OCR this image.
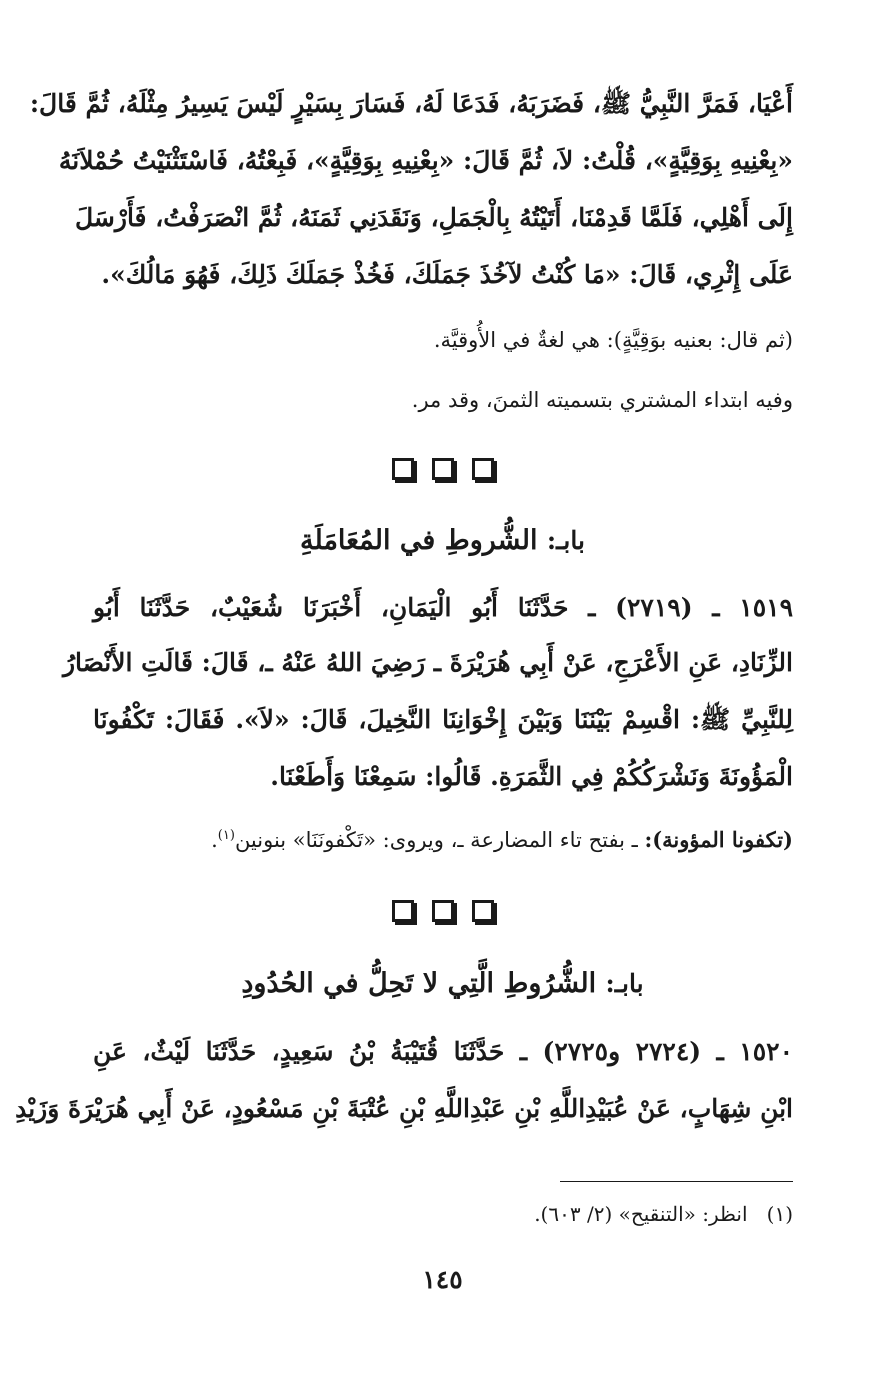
أَعْيَا، فَمَرَّ النَّبِيُّ ﷺ، فَضَرَبَهُ، فَدَعَا لَهُ، فَسَارَ بِسَيْرٍ لَيْسَ يَسِيرُ مِثْلَهُ، ثُمَّ قَالَ:
«بِعْنِيهِ بِوَقِيَّةٍ»، قُلْتُ: لاَ، ثُمَّ قَالَ: «بِعْنِيهِ بِوَقِيَّةٍ»، فَبِعْتُهُ، فَاسْتَثْنَيْتُ حُمْلاَنَهُ
إِلَى أَهْلِي، فَلَمَّا قَدِمْنَا، أَتَيْتُهُ بِالْجَمَلِ، وَنَقَدَنِي ثَمَنَهُ، ثُمَّ انْصَرَفْتُ، فَأَرْسَلَ
عَلَى إِثْرِي، قَالَ: «مَا كُنْتُ لآخُذَ جَمَلَكَ، فَخُذْ جَمَلَكَ ذَلِكَ، فَهُوَ مَالُكَ».
(ثم قال: بعنيه بوَقِيَّةٍ): هي لغةٌ في الأُوقيَّة.
وفيه ابتداء المشتري بتسميته الثمنَ، وقد مر.
بابـ: الشُّروطِ في المُعَامَلَةِ
١٥١٩ ـ (٢٧١٩) ـ حَدَّثَنَا أَبُو الْيَمَانِ، أَخْبَرَنَا شُعَيْبٌ، حَدَّثَنَا أَبُو
الزِّنَادِ، عَنِ الأَعْرَجِ، عَنْ أَبِي هُرَيْرَةَ ـ رَضِيَ اللهُ عَنْهُ ـ، قَالَ: قَالَتِ الأَنْصَارُ
لِلنَّبِيِّ ﷺ: اقْسِمْ بَيْنَنَا وَبَيْنَ إِخْوَانِنَا النَّخِيلَ، قَالَ: «لاَ». فَقَالَ: تَكْفُونَا
الْمَؤُونَةَ وَنَشْرَكُكُمْ فِي الثَّمَرَةِ. قَالُوا: سَمِعْنَا وَأَطَعْنَا.
(تكفونا المؤونة): ـ بفتح تاء المضارعة ـ، ويروى: «تَكْفونَنَا» بنونين$^{(١)}$.
بابـ: الشُّرُوطِ الَّتِي لا تَحِلُّ في الحُدُودِ
١٥٢٠ ـ (٢٧٢٤ و٢٧٢٥) ـ حَدَّثَنَا قُتَيْبَةُ بْنُ سَعِيدٍ، حَدَّثَنَا لَيْثٌ، عَنِ
ابْنِ شِهَابٍ، عَنْ عُبَيْدِاللَّهِ بْنِ عَبْدِاللَّهِ بْنِ عُتْبَةَ بْنِ مَسْعُودٍ، عَنْ أَبِي هُرَيْرَةَ وَزَيْدِ
(١)   انظر: «التنقيح» (٢/ ٦٠٣).
١٤٥
